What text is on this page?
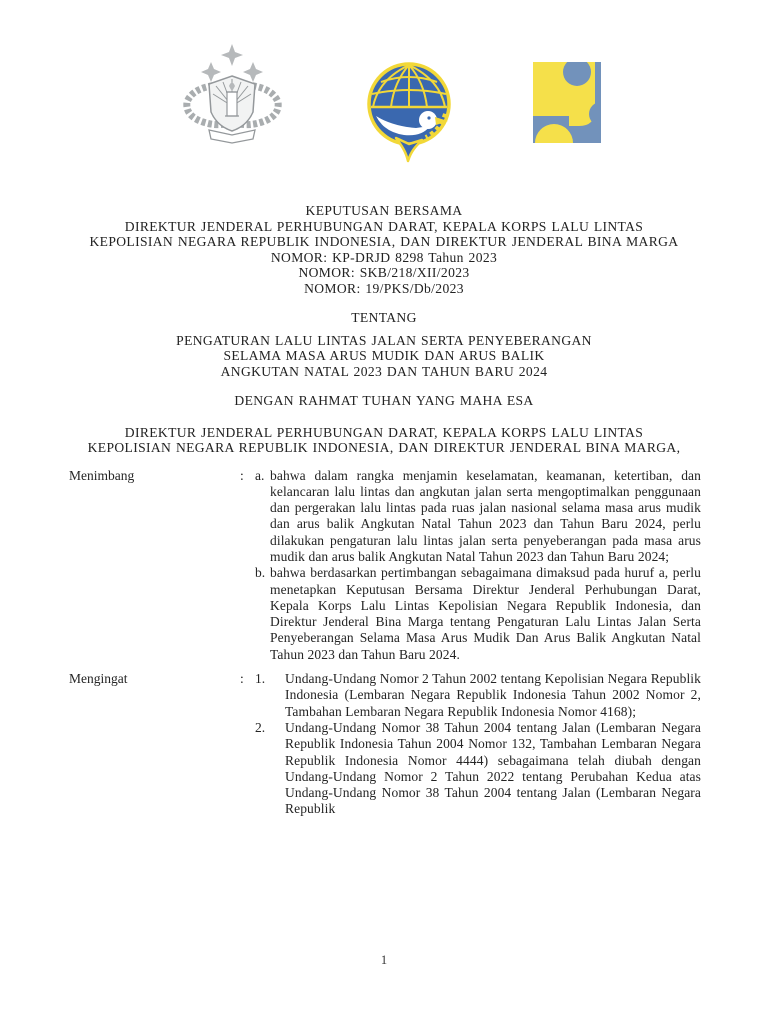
KEPUTUSAN BERSAMA
DIREKTUR JENDERAL PERHUBUNGAN DARAT, KEPALA KORPS LALU LINTAS
KEPOLISIAN NEGARA REPUBLIK INDONESIA, DAN DIREKTUR JENDERAL BINA MARGA
NOMOR: KP-DRJD 8298 Tahun 2023
NOMOR: SKB/218/XII/2023
NOMOR: 19/PKS/Db/2023
TENTANG
PENGATURAN LALU LINTAS JALAN SERTA PENYEBERANGAN
SELAMA MASA ARUS MUDIK DAN ARUS BALIK
ANGKUTAN NATAL 2023 DAN TAHUN BARU 2024
DENGAN RAHMAT TUHAN YANG MAHA ESA
DIREKTUR JENDERAL PERHUBUNGAN DARAT, KEPALA KORPS LALU LINTAS
KEPOLISIAN NEGARA REPUBLIK INDONESIA, DAN DIREKTUR JENDERAL BINA MARGA,
Menimbang	: a. bahwa dalam rangka menjamin keselamatan, keamanan, ketertiban, dan kelancaran lalu lintas dan angkutan jalan serta mengoptimalkan penggunaan dan pergerakan lalu lintas pada ruas jalan nasional selama masa arus mudik dan arus balik Angkutan Natal Tahun 2023 dan Tahun Baru 2024, perlu dilakukan pengaturan lalu lintas jalan serta penyeberangan pada masa arus mudik dan arus balik Angkutan Natal Tahun 2023 dan Tahun Baru 2024;
b. bahwa berdasarkan pertimbangan sebagaimana dimaksud pada huruf a, perlu menetapkan Keputusan Bersama Direktur Jenderal Perhubungan Darat, Kepala Korps Lalu Lintas Kepolisian Negara Republik Indonesia, dan Direktur Jenderal Bina Marga tentang Pengaturan Lalu Lintas Jalan Serta Penyeberangan Selama Masa Arus Mudik Dan Arus Balik Angkutan Natal Tahun 2023 dan Tahun Baru 2024.
Mengingat	: 1.	Undang-Undang Nomor 2 Tahun 2002 tentang Kepolisian Negara Republik Indonesia (Lembaran Negara Republik Indonesia Tahun 2002 Nomor 2, Tambahan Lembaran Negara Republik Indonesia Nomor 4168);
2.	Undang-Undang Nomor 38 Tahun 2004 tentang Jalan (Lembaran Negara Republik Indonesia Tahun 2004 Nomor 132, Tambahan Lembaran Negara Republik Indonesia Nomor 4444) sebagaimana telah diubah dengan Undang-Undang Nomor 2 Tahun 2022 tentang Perubahan Kedua atas Undang-Undang Nomor 38 Tahun 2004 tentang Jalan (Lembaran Negara Republik
1
